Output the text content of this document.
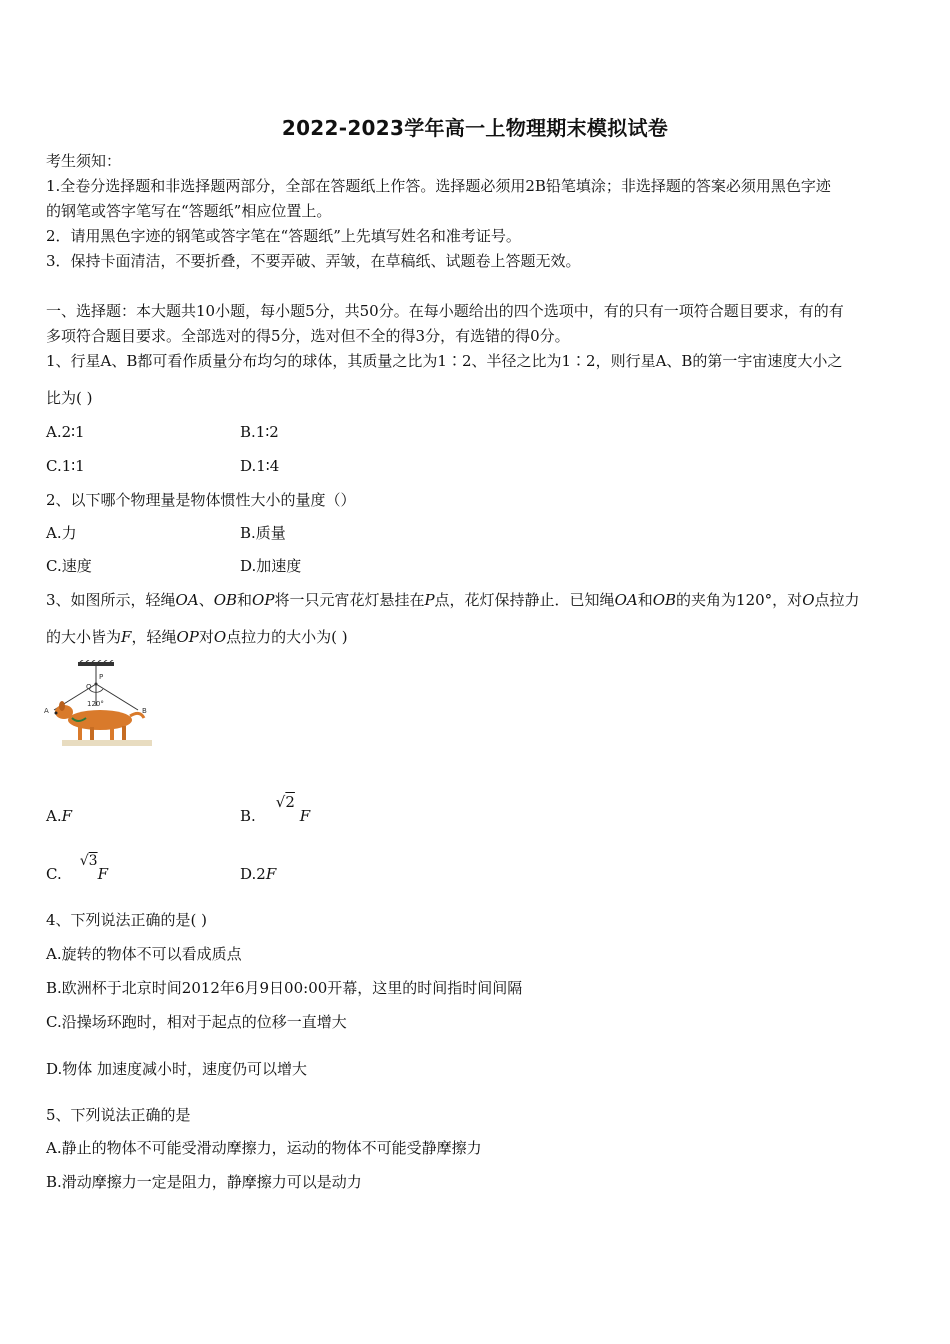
2022-2023学年高一上物理期末模拟试卷
考生须知：
1.全卷分选择题和非选择题两部分，全部在答题纸上作答。选择题必须用2B铅笔填涂；非选择题的答案必须用黑色字迹
的钢笔或答字笔写在“答题纸”相应位置上。
2．请用黑色字迹的钢笔或答字笔在“答题纸”上先填写姓名和准考证号。
3．保持卡面清洁，不要折叠，不要弄破、弄皱，在草稿纸、试题卷上答题无效。
一、选择题：本大题共10小题，每小题5分，共50分。在每小题给出的四个选项中，有的只有一项符合题目要求，有的有
多项符合题目要求。全部选对的得5分，选对但不全的得3分，有选错的得0分。
1、行星A、B都可看作质量分布均匀的球体，其质量之比为1∶2、半径之比为1∶2，则行星A、B的第一宇宙速度大小之
比为( )
A.2∶1	B.1∶2
C.1∶1	D.1∶4
2、以下哪个物理量是物体惯性大小的量度（）
A.力	B.质量
C.速度	D.加速度
3、如图所示，轻绳OA、OB和OP将一只元宵花灯悬挂在P点，花灯保持静止．已知绳OA和OB的夹角为120°，对O点拉力
的大小皆为F，轻绳OP对O点拉力的大小为( )
A	B
O
P
120°
A.F	B.√2 F
C.√3F	D.2F
4、下列说法正确的是( )
A.旋转的物体不可以看成质点
B.欧洲杯于北京时间2012年6月9日00:00开幕，这里的时间指时间间隔
C.沿操场环跑时，相对于起点的位移一直增大
D.物体 加速度减小时，速度仍可以增大
5、下列说法正确的是
A.静止的物体不可能受滑动摩擦力，运动的物体不可能受静摩擦力
B.滑动摩擦力一定是阻力，静摩擦力可以是动力
